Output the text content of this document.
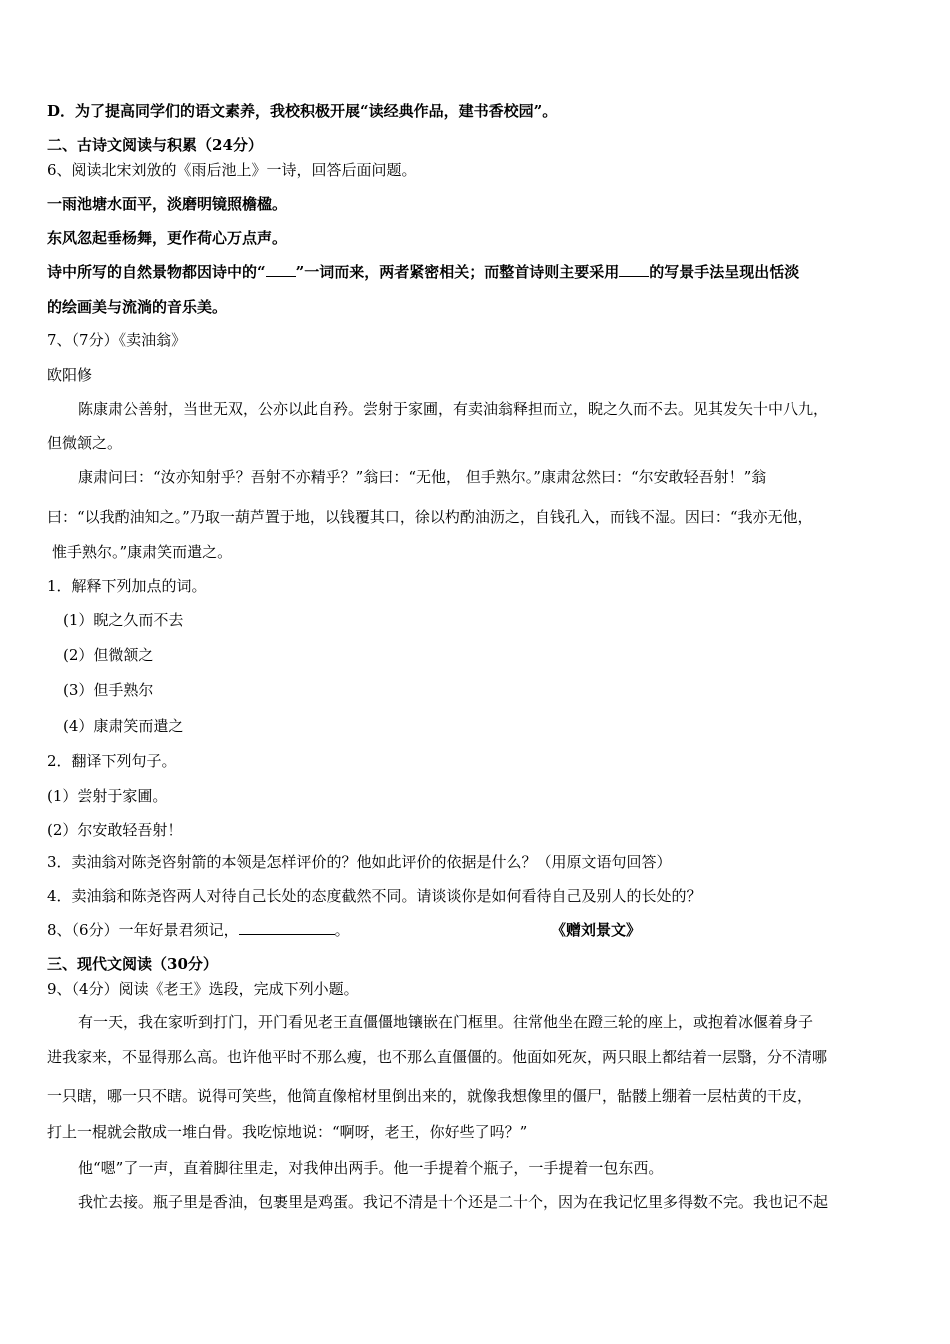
D．为了提高同学们的语文素养，我校积极开展“读经典作品，建书香校园”。
二、古诗文阅读与积累（24分）
6、阅读北宋刘攽的《雨后池上》一诗，回答后面问题。
一雨池塘水面平，淡磨明镜照檐楹。
东风忽起垂杨舞，更作荷心万点声。
诗中所写的自然景物都因诗中的“ ”一词而来，两者紧密相关；而整首诗则主要采用 的写景手法呈现出恬淡
的绘画美与流淌的音乐美。
7、（7分）《卖油翁》
欧阳修
陈康肃公善射，当世无双，公亦以此自矜。尝射于家圃，有卖油翁释担而立，睨之久而不去。见其发矢十中八九，
但微颔之。
康肃问曰：“汝亦知射乎？吾射不亦精乎？”翁曰：“无他， 但手熟尔。”康肃忿然曰：“尔安敢轻吾射！”翁
曰：“以我酌油知之。”乃取一葫芦置于地，以钱覆其口，徐以杓酌油沥之，自钱孔入，而钱不湿。因曰：“我亦无他，
惟手熟尔。”康肃笑而遣之。
1．解释下列加点的词。
(1）睨之久而不去
(2）但微颔之
(3）但手熟尔
(4）康肃笑而遣之
2．翻译下列句子。
(1）尝射于家圃。
(2）尔安敢轻吾射！
3．卖油翁对陈尧咨射箭的本领是怎样评价的？他如此评价的依据是什么？（用原文语句回答）
4．卖油翁和陈尧咨两人对待自己长处的态度截然不同。请谈谈你是如何看待自己及别人的长处的？
8、（6分）一年好景君须记，	。	《赠刘景文》
三、现代文阅读（30分）
9、（4分）阅读《老王》选段，完成下列小题。
有一天，我在家听到打门，开门看见老王直僵僵地镶嵌在门框里。往常他坐在蹬三轮的座上，或抱着冰偃着身子
进我家来，不显得那么高。也许他平时不那么瘦，也不那么直僵僵的。他面如死灰，两只眼上都结着一层翳，分不清哪
一只瞎，哪一只不瞎。说得可笑些，他简直像棺材里倒出来的，就像我想像里的僵尸，骷髅上绷着一层枯黄的干皮，
打上一棍就会散成一堆白骨。我吃惊地说：“啊呀，老王，你好些了吗？”
他“嗯”了一声，直着脚往里走，对我伸出两手。他一手提着个瓶子，一手提着一包东西。
我忙去接。瓶子里是香油，包裹里是鸡蛋。我记不清是十个还是二十个，因为在我记忆里多得数不完。我也记不起
